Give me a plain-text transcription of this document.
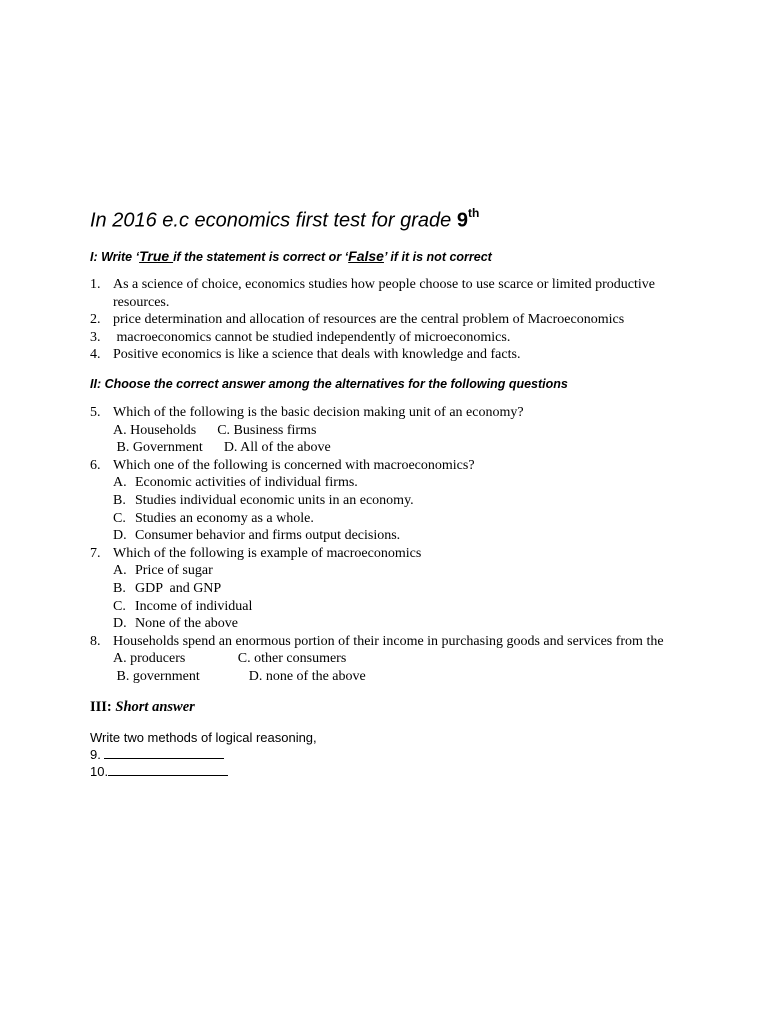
In 2016 e.c economics first test for grade 9th
I: Write ‘True if the statement is correct or ‘False’ if it is not correct
1. As a science of choice, economics studies how people choose to use scarce or limited productive resources.
2. price determination and allocation of resources are the central problem of Macroeconomics
3. macroeconomics cannot be studied independently of microeconomics.
4. Positive economics is like a science that deals with knowledge and facts.
II: Choose the correct answer among the alternatives for the following questions
5. Which of the following is the basic decision making unit of an economy?
A. Households      C. Business firms
B. Government      D. All of the above
6. Which one of the following is concerned with macroeconomics?
A. Economic activities of individual firms.
B. Studies individual economic units in an economy.
C. Studies an economy as a whole.
D. Consumer behavior and firms output decisions.
7. Which of the following is example of macroeconomics
A. Price of sugar
B. GDP  and GNP
C. Income of individual
D. None of the above
8. Households spend an enormous portion of their income in purchasing goods and services from the
A. producers               C. other consumers
B. government              D. none of the above
III: Short answer
Write two methods of logical reasoning,
9.
10.
